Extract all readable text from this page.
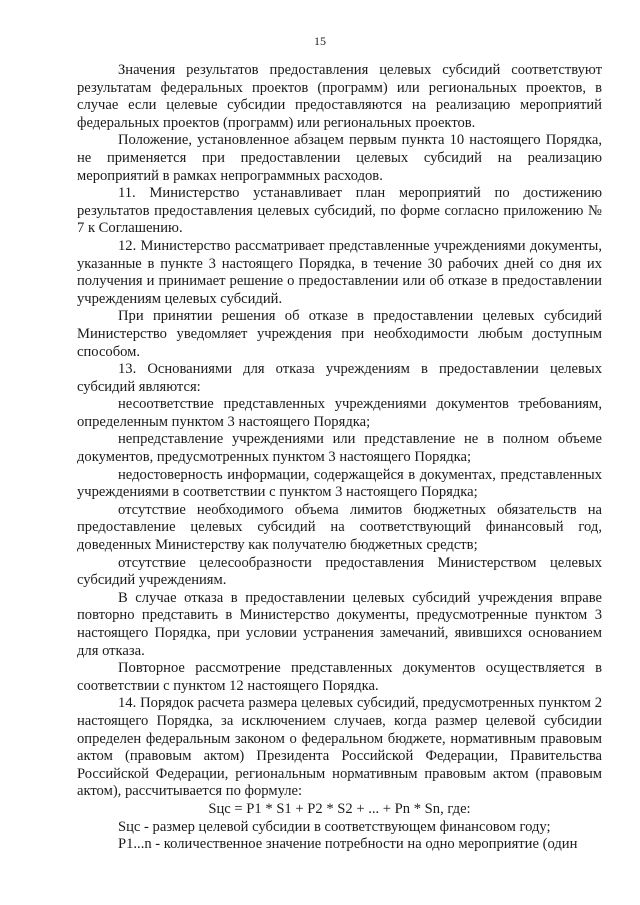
15

Значения результатов предоставления целевых субсидий соответствуют результатам федеральных проектов (программ) или региональных проектов, в случае если целевые субсидии предоставляются на реализацию мероприятий федеральных проектов (программ) или региональных проектов.

Положение, установленное абзацем первым пункта 10 настоящего Порядка, не применяется при предоставлении целевых субсидий на реализацию мероприятий в рамках непрограммных расходов.

11. Министерство устанавливает план мероприятий по достижению результатов предоставления целевых субсидий, по форме согласно приложению № 7 к Соглашению.

12. Министерство рассматривает представленные учреждениями документы, указанные в пункте 3 настоящего Порядка, в течение 30 рабочих дней со дня их получения и принимает решение о предоставлении или об отказе в предоставлении учреждениям целевых субсидий.

При принятии решения об отказе в предоставлении целевых субсидий Министерство уведомляет учреждения при необходимости любым доступным способом.

13. Основаниями для отказа учреждениям в предоставлении целевых субсидий являются:

несоответствие представленных учреждениями документов требованиям, определенным пунктом 3 настоящего Порядка;

непредставление учреждениями или представление не в полном объеме документов, предусмотренных пунктом 3 настоящего Порядка;

недостоверность информации, содержащейся в документах, представленных учреждениями в соответствии с пунктом 3 настоящего Порядка;

отсутствие необходимого объема лимитов бюджетных обязательств на предоставление целевых субсидий на соответствующий финансовый год, доведенных Министерству как получателю бюджетных средств;

отсутствие целесообразности предоставления Министерством целевых субсидий учреждениям.

В случае отказа в предоставлении целевых субсидий учреждения вправе повторно представить в Министерство документы, предусмотренные пунктом 3 настоящего Порядка, при условии устранения замечаний, явившихся основанием для отказа.

Повторное рассмотрение представленных документов осуществляется в соответствии с пунктом 12 настоящего Порядка.

14. Порядок расчета размера целевых субсидий, предусмотренных пунктом 2 настоящего Порядка, за исключением случаев, когда размер целевой субсидии определен федеральным законом о федеральном бюджете, нормативным правовым актом (правовым актом) Президента Российской Федерации, Правительства Российской Федерации, региональным нормативным правовым актом (правовым актом), рассчитывается по формуле:

Sцс = P1 * S1 + P2 * S2 + ... + Pn * Sn, где:

Sцс - размер целевой субсидии в соответствующем финансовом году;

P1...n - количественное значение потребности на одно мероприятие (один
